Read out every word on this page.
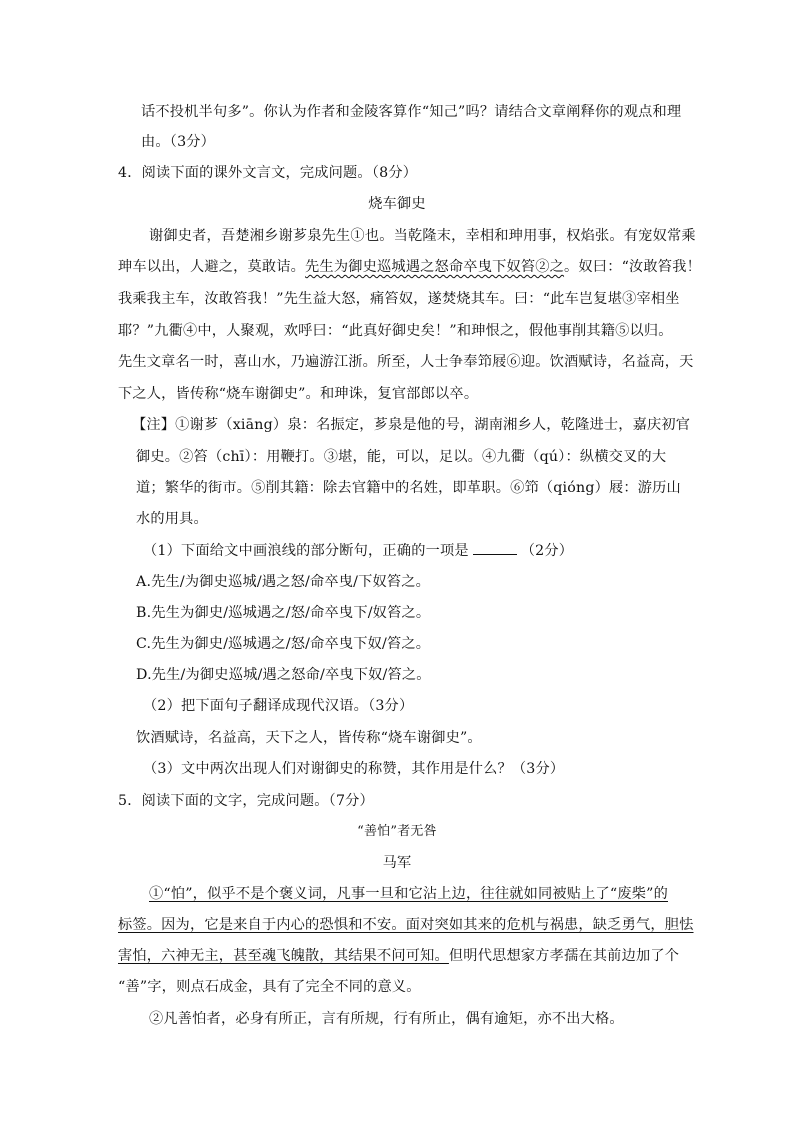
话不投机半句多”。你认为作者和金陵客算作“知己”吗？请结合文章阐释你的观点和理
由。（3分）
4．阅读下面的课外文言文，完成问题。（8分）
烧车御史
谢御史者，吾楚湘乡谢芗泉先生①也。当乾隆末，幸相和珅用事，权焰张。有宠奴常乘
珅车以出，人避之，莫敢诘。先生为御史巡城遇之怒命卒曳下奴笞②之。奴曰：“汝敢笞我！
我乘我主车，汝敢笞我！”先生益大怒，痛笞奴，遂焚烧其车。曰：“此车岂复堪③宰相坐
耶？”九衢④中，人聚观，欢呼曰：“此真好御史矣！”和珅恨之，假他事削其籍⑤以归。
先生文章名一时，喜山水，乃遍游江浙。所至，人士争奉笻屐⑥迎。饮酒赋诗，名益高，天
下之人，皆传称“烧车谢御史”。和珅诛，复官部郎以卒。
【注】①谢芗（xiāng）泉：名振定，芗泉是他的号，湖南湘乡人，乾隆进士，嘉庆初官
御史。②笞（chī）：用鞭打。③堪，能，可以，足以。④九衢（qú）：纵横交叉的大
道；繁华的街市。⑤削其籍：除去官籍中的名姓，即革职。⑥笻（qióng）屐：游历山
水的用具。
（1）下面给文中画浪线的部分断句，正确的一项是	（2分）
A.先生/为御史巡城/遇之怒/命卒曳/下奴笞之。
B.先生为御史/巡城遇之/怒/命卒曳下/奴笞之。
C.先生为御史/巡城遇之/怒/命卒曳下奴/笞之。
D.先生/为御史巡城/遇之怒命/卒曳下奴/笞之。
（2）把下面句子翻译成现代汉语。（3分）
饮酒赋诗，名益高，天下之人，皆传称“烧车谢御史”。
（3）文中两次出现人们对谢御史的称赞，其作用是什么？（3分）
5．阅读下面的文字，完成问题。（7分）
“善怕”者无咎
马军
①“怕”，似乎不是个褒义词，凡事一旦和它沾上边，往往就如同被贴上了“废柴”的
标签。因为，它是来自于内心的恐惧和不安。面对突如其来的危机与祸患，缺乏勇气，胆怯
害怕，六神无主，甚至魂飞魄散，其结果不问可知。但明代思想家方孝孺在其前边加了个
“善”字，则点石成金，具有了完全不同的意义。
②凡善怕者，必身有所正，言有所规，行有所止，偶有逾矩，亦不出大格。
